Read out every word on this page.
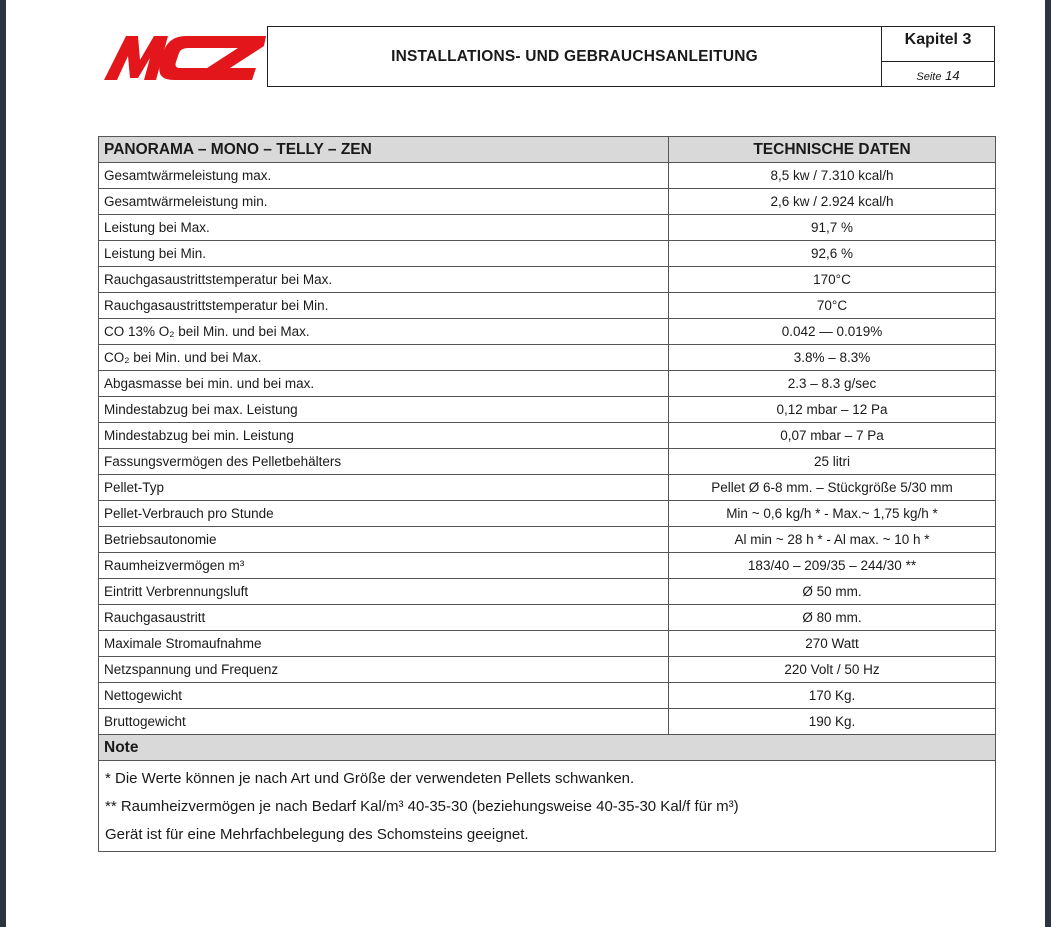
MCZ
INSTALLATIONS- UND GEBRAUCHSANLEITUNG
Kapitel 3
Seite 14
PANORAMA – MONO – TELLY – ZEN	TECHNISCHE DATEN
Gesamtwärmeleistung max.	8,5 kw / 7.310 kcal/h
Gesamtwärmeleistung min.	2,6 kw / 2.924 kcal/h
Leistung bei Max.	91,7 %
Leistung bei Min.	92,6 %
Rauchgasaustrittstemperatur bei Max.	170°C
Rauchgasaustrittstemperatur bei Min.	70°C
CO 13% O₂ beil Min. und bei Max.	0.042 — 0.019%
CO₂ bei Min. und bei Max.	3.8% – 8.3%
Abgasmasse bei min. und bei max.	2.3 – 8.3 g/sec
Mindestabzug bei max. Leistung	0,12 mbar – 12 Pa
Mindestabzug bei min. Leistung	0,07 mbar – 7 Pa
Fassungsvermögen des Pelletbehälters	25 litri
Pellet-Typ	Pellet Ø 6-8 mm. – Stückgröße 5/30 mm
Pellet-Verbrauch pro Stunde	Min ~ 0,6 kg/h * - Max.~ 1,75 kg/h *
Betriebsautonomie	Al min ~ 28 h * - Al max. ~ 10 h *
Raumheizvermögen m³	183/40 – 209/35 – 244/30 **
Eintritt Verbrennungsluft	Ø 50 mm.
Rauchgasaustritt	Ø 80 mm.
Maximale Stromaufnahme	270 Watt
Netzspannung und Frequenz	220 Volt / 50 Hz
Nettogewicht	170 Kg.
Bruttogewicht	190 Kg.
Note	

* Die Werte können je nach Art und Größe der verwendeten Pellets schwanken.
** Raumheizvermögen je nach Bedarf Kal/m³ 40-35-30 (beziehungsweise 40-35-30 Kal/f für m³)
Gerät ist für eine Mehrfachbelegung des Schomsteins geeignet.	
